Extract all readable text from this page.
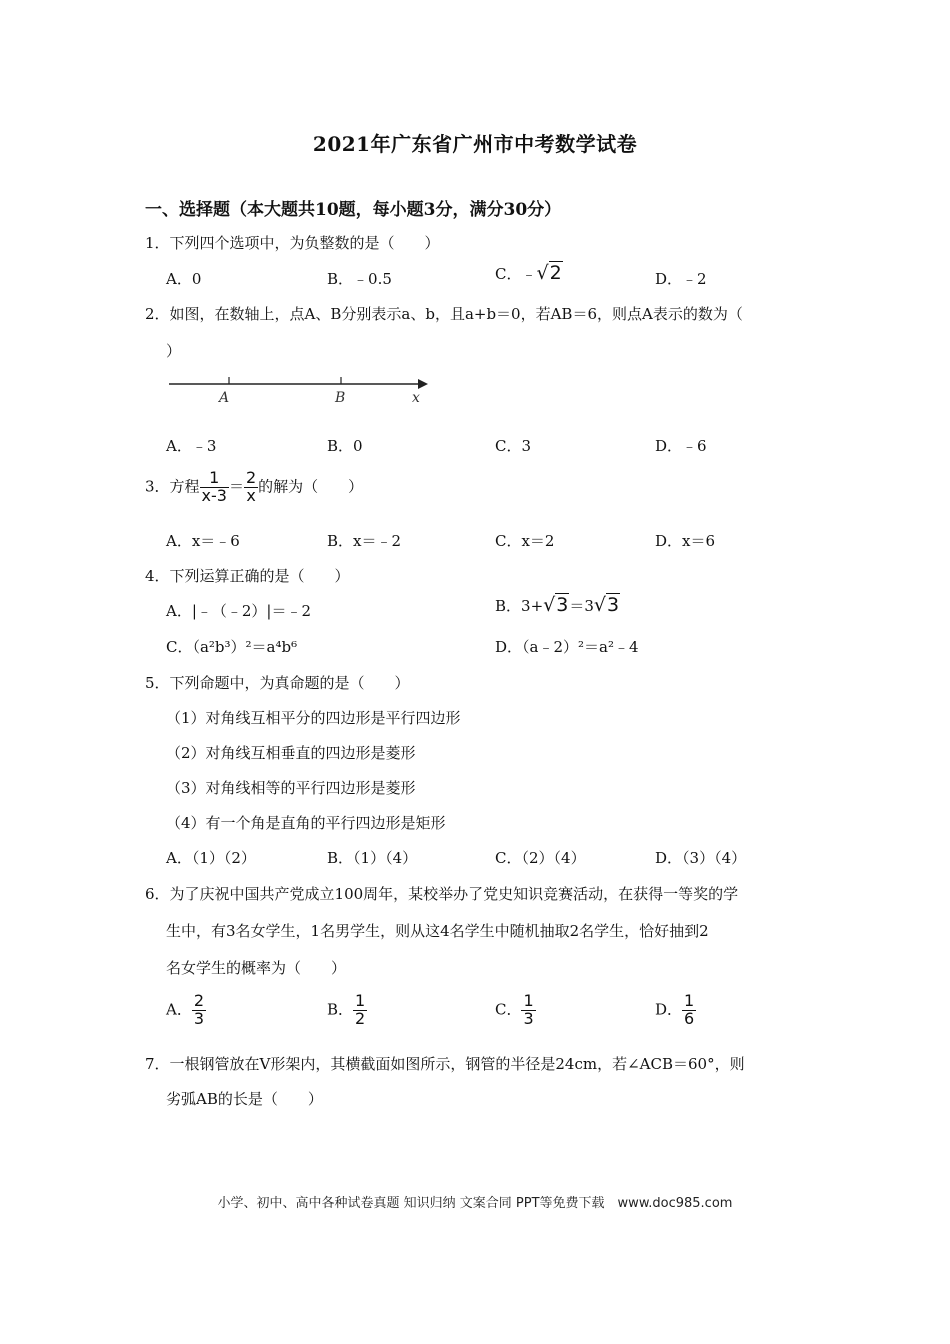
2021年广东省广州市中考数学试卷
一、选择题（本大题共10题，每小题3分，满分30分）
1．下列四个选项中，为负整数的是（　　）
A．0	B．﹣0.5	C．﹣√2	D．﹣2
2．如图，在数轴上，点A、B分别表示a、b，且a+b＝0，若AB＝6，则点A表示的数为（
）
A	B	x
A．﹣3	B．0	C．3	D．﹣6
3．方程 $\frac{1}{x-3} = \frac{2}{x}$ 的解为（　　）
A．x＝﹣6	B．x＝﹣2	C．x＝2	D．x＝6
4．下列运算正确的是（　　）
A．|﹣（﹣2）|＝﹣2	B．3+√3＝3√3
C．（a²b³）²＝a⁴b⁶	D．（a﹣2）²＝a²﹣4
5．下列命题中，为真命题的是（　　）
（1）对角线互相平分的四边形是平行四边形
（2）对角线互相垂直的四边形是菱形
（3）对角线相等的平行四边形是菱形
（4）有一个角是直角的平行四边形是矩形
A．（1）（2）	B．（1）（4）	C．（2）（4）	D．（3）（4）
6．为了庆祝中国共产党成立100周年，某校举办了党史知识竞赛活动，在获得一等奖的学
生中，有3名女学生，1名男学生，则从这4名学生中随机抽取2名学生，恰好抽到2
名女学生的概率为（　　）
A． $\frac{2}{3}$	B． $\frac{1}{2}$	C． $\frac{1}{3}$	D． $\frac{1}{6}$
7．一根钢管放在V形架内，其横截面如图所示，钢管的半径是24cm，若∠ACB＝60°，则
劣弧AB的长是（　　）
小学、初中、高中各种试卷真题 知识归纳 文案合同 PPT等免费下载　www.doc985.com
